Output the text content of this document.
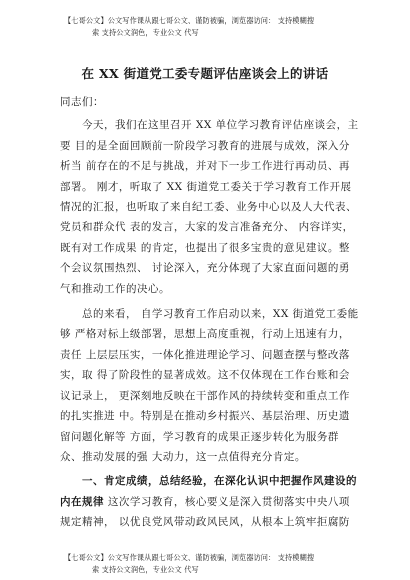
【七哥公文】公文写作课从跟七哥公文、谨防被骗，浏览器访问： 支持模糊搜
索 支持公文润色，专业公文 代写
在 XX 街道党工委专题评估座谈会上的讲话

同志们：

今天，我们在这里召开 XX 单位学习教育评估座谈会，主要 目的是全面回顾前一阶段学习教育的进展与成效，深入分析当 前存在的不足与挑战，并对下一步工作进行再动员、再部署。 刚才，听取了 XX 街道党工委关于学习教育工作开展情况的汇报，也听取了来自纪工委、业务中心以及人大代表、党员和群众代 表的发言，大家的发言准备充分、 内容详实，既有对工作成果 的肯定，也提出了很多宝贵的意见建议。整个会议氛围热烈、 讨论深入，充分体现了大家直面问题的勇气和推动工作的决心。

总的来看， 自学习教育工作启动以来，XX 街道党工委能够 严格对标上级部署，思想上高度重视，行动上迅速有力，责任 上层层压实，一体化推进理论学习、问题查摆与整改落实，取 得了阶段性的显著成效。这不仅体现在工作台账和会议记录上， 更深刻地反映在干部作风的持续转变和重点工作的扎实推进 中。特别是在推动乡村振兴、基层治理、历史遗留问题化解等 方面，学习教育的成果正逐步转化为服务群众、推动发展的强 大动力，这一点值得充分肯定。

一、肯定成绩，总结经验，在深化认识中把握作风建设的内在规律 这次学习教育，核心要义是深入贯彻落实中央八项规定精神， 以优良党风带动政风民风，从根本上筑牢拒腐防

【七哥公文】公文写作课从跟七哥公文、谨防被骗，浏览器访问： 支持模糊搜
索 支持公文润色，专业公文 代写
